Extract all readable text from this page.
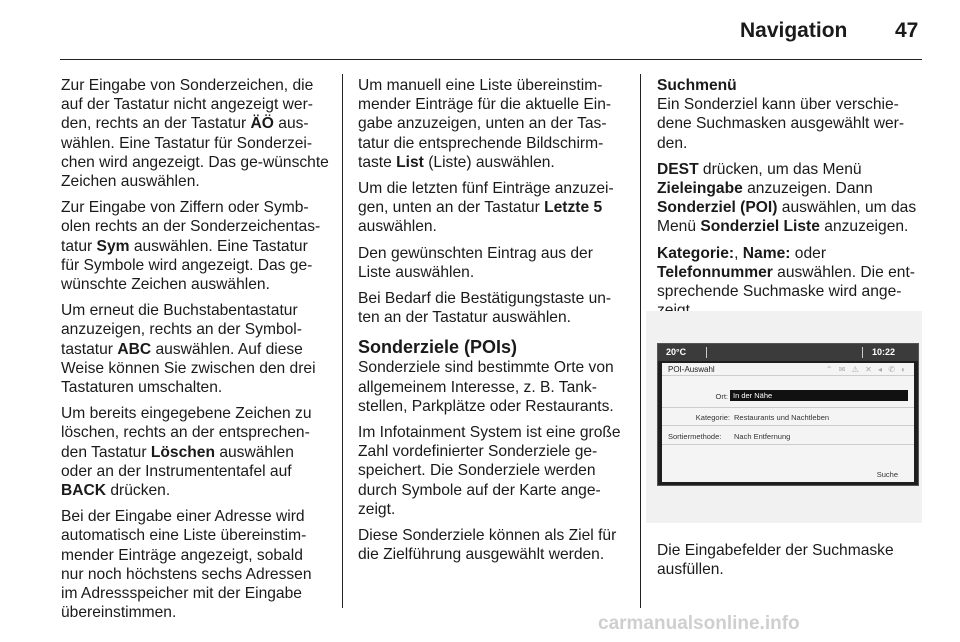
Navigation 47

Zur Eingabe von Sonderzeichen, die auf der Tastatur nicht angezeigt wer-den, rechts an der Tastatur ÄÖ aus-wählen. Eine Tastatur für Sonderzei-chen wird angezeigt. Das ge-wünschte Zeichen auswählen.

Zur Eingabe von Ziffern oder Symb-olen rechts an der Sonderzeichentas-tatur Sym auswählen. Eine Tastatur für Symbole wird angezeigt. Das ge-wünschte Zeichen auswählen.

Um erneut die Buchstabentastatur anzuzeigen, rechts an der Symbol-tastatur ABC auswählen. Auf diese Weise können Sie zwischen den drei Tastaturen umschalten.

Um bereits eingegebene Zeichen zu löschen, rechts an der entsprechen-den Tastatur Löschen auswählen oder an der Instrumententafel auf BACK drücken.

Bei der Eingabe einer Adresse wird automatisch eine Liste übereinstim-mender Einträge angezeigt, sobald nur noch höchstens sechs Adressen im Adressspeicher mit der Eingabe übereinstimmen.

Um manuell eine Liste übereinstim-mender Einträge für die aktuelle Ein-gabe anzuzeigen, unten an der Tas-tatur die entsprechende Bildschirm-taste List (Liste) auswählen.

Um die letzten fünf Einträge anzuzei-gen, unten an der Tastatur Letzte 5 auswählen.

Den gewünschten Eintrag aus der Liste auswählen.

Bei Bedarf die Bestätigungstaste un-ten an der Tastatur auswählen.

Sonderziele (POIs)

Sonderziele sind bestimmte Orte von allgemeinem Interesse, z. B. Tank-stellen, Parkplätze oder Restaurants.

Im Infotainment System ist eine große Zahl vordefinierter Sonderziele ge-speichert. Die Sonderziele werden durch Symbole auf der Karte ange-zeigt.

Diese Sonderziele können als Ziel für die Zielführung ausgewählt werden.

Suchmenü

Ein Sonderziel kann über verschie-dene Suchmasken ausgewählt wer-den.

DEST drücken, um das Menü Zieleingabe anzuzeigen. Dann Sonderziel (POI) auswählen, um das Menü Sonderziel Liste anzuzeigen.

Kategorie:, Name: oder Telefonnummer auswählen. Die ent-sprechende Suchmaske wird ange-

20°C	10:22
POI-Auswahl	⌃ ✉ ⚠ ✕ ◂ ✆ ◐
Ort: In der Nähe
Kategorie: Restaurants und Nachtleben
Sortiermethode: Nach Entfernung
Suche

Die Eingabefelder der Suchmaske ausfüllen.

carmanualsonline.info
